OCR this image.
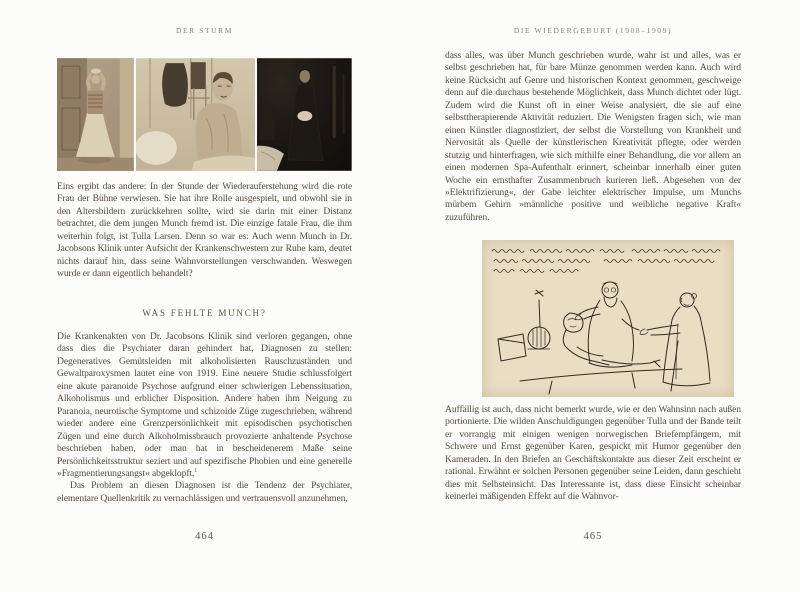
DER STURM
Eins ergibt das andere: In der Stunde der Wiederauferstehung wird die rote Frau der Bühne verwiesen. Sie hat ihre Rolle ausgespielt, und obwohl sie in den Altersbildern zurückkehren sollte, wird sie darin mit einer Distanz betrachtet, die dem jungen Munch fremd ist. Die einzige fatale Frau, die ihm weiterhin folgt, ist Tulla Larsen. Denn so war es: Auch wenn Munch in Dr. Jacobsons Klinik unter Aufsicht der Krankenschwestern zur Ruhe kam, deutet nichts darauf hin, dass seine Wahnvorstellungen verschwanden. Weswegen wurde er dann eigentlich behandelt?
WAS FEHLTE MUNCH?
Die Krankenakten von Dr. Jacobsons Klinik sind verloren gegangen, ohne dass dies die Psychiater daran gehindert hat, Diagnosen zu stellen: Degeneratives Gemütsleiden mit alkoholisierten Rauschzuständen und Gewaltparoxysmen lautet eine von 1919. Eine neuere Studie schlussfolgert eine akute paranoide Psychose aufgrund einer schwierigen Lebenssituation, Alkoholismus und erblicher Disposition. Andere haben ihm Neigung zu Paranoia, neurotische Symptome und schizoide Züge zugeschrieben, während wieder andere eine Grenzpersönlichkeit mit episodischen psychotischen Zügen und eine durch Alkoholmissbrauch provozierte anhaltende Psychose beschrieben haben, oder man hat in bescheidenerem Maße seine Persönlichkeitsstruktur seziert und auf spezifische Phobien und eine generelle »Fragmentierungsangst« abgeklopft.$^1$
Das Problem an diesen Diagnosen ist die Tendenz der Psychiater, elementare Quellenkritik zu vernachlässigen und vertrauensvoll anzunehmen,
464
DIE WIEDERGEBURT (1908–1909)
dass alles, was über Munch geschrieben wurde, wahr ist und alles, was er selbst geschrieben hat, für bare Münze genommen werden kann. Auch wird keine Rücksicht auf Genre und historischen Kontext genommen, geschweige denn auf die durchaus bestehende Möglichkeit, dass Munch dichtet oder lügt. Zudem wird die Kunst oft in einer Weise analysiert, die sie auf eine selbsttherapierende Aktivität reduziert. Die Wenigsten fragen sich, wie man einen Künstler diagnostiziert, der selbst die Vorstellung von Krankheit und Nervosität als Quelle der künstlerischen Kreativität pflegte, oder werden stutzig und hinterfragen, wie sich mithilfe einer Behandlung, die vor allem an einen modernen Spa-Aufenthalt erinnert, scheinbar innerhalb einer guten Woche ein ernsthafter Zusammenbruch kurieren ließ. Abgesehen von der »Elektrifizierung«, der Gabe leichter elektrischer Impulse, um Munchs mürbem Gehirn »männliche positive und weibliche negative Kraft« zuzuführen.
Auffällig ist auch, dass nicht bemerkt wurde, wie er den Wahnsinn nach außen portionierte. Die wilden Anschuldigungen gegenüber Tulla und der Bande teilt er vorrangig mit einigen wenigen norwegischen Briefempfängern, mit Schwere und Ernst gegenüber Karen, gespickt mit Humor gegenüber den Kameraden. In den Briefen an Geschäftskontakte aus dieser Zeit erscheint er rational. Erwähnt er solchen Personen gegenüber seine Leiden, dann geschieht dies mit Selbsteinsicht. Das Interessante ist, dass diese Einsicht scheinbar keinerlei mäßigenden Effekt auf die Wahnvor-
465
